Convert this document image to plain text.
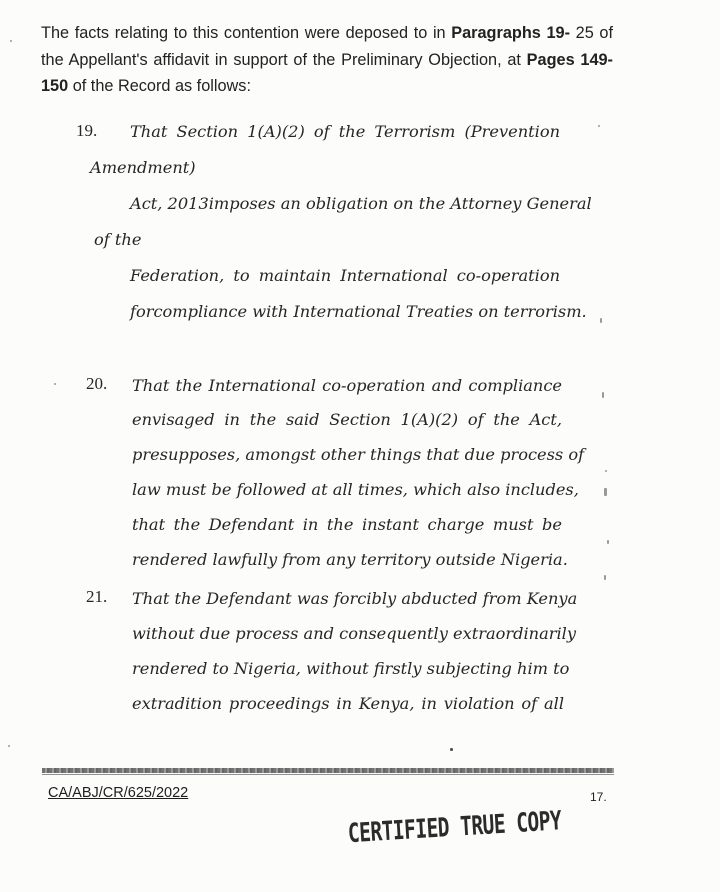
The facts relating to this contention were deposed to in Paragraphs 19- 25 of the Appellant's affidavit in support of the Preliminary Objection, at Pages 149-150 of the Record as follows:
19. That Section 1(A)(2) of the Terrorism (Prevention
Amendment)
Act, 2013imposes an obligation on the Attorney General
of the
Federation, to maintain International co-operation
forcompliance with International Treaties on terrorism.
20. That the International co-operation and compliance
envisaged in the said Section 1(A)(2) of the Act,
presupposes, amongst other things that due process of
law must be followed at all times, which also includes,
that the Defendant in the instant charge must be
rendered lawfully from any territory outside Nigeria.
21. That the Defendant was forcibly abducted from Kenya
without due process and consequently extraordinarily
rendered to Nigeria, without firstly subjecting him to
extradition proceedings in Kenya, in violation of all
CA/ABJ/CR/625/2022	17.
CERTIFIED TRUE COPY
